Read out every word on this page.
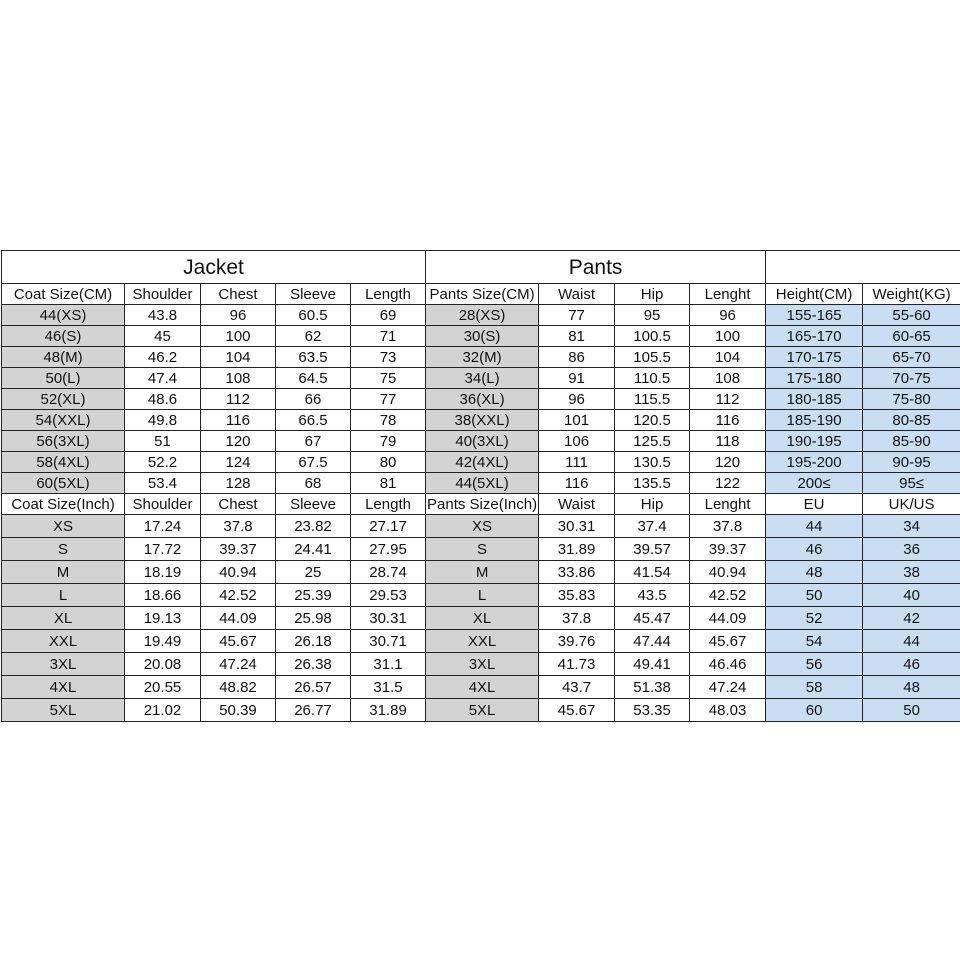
Jacket					Pants					
Coat Size(CM)	Shoulder	Chest	Sleeve	Length	Pants Size(CM)	Waist	Hip	Lenght	Height(CM)	Weight(KG)
44(XS)	43.8	96	60.5	69	28(XS)	77	95	96	155-165	55-60
46(S)	45	100	62	71	30(S)	81	100.5	100	165-170	60-65
48(M)	46.2	104	63.5	73	32(M)	86	105.5	104	170-175	65-70
50(L)	47.4	108	64.5	75	34(L)	91	110.5	108	175-180	70-75
52(XL)	48.6	112	66	77	36(XL)	96	115.5	112	180-185	75-80
54(XXL)	49.8	116	66.5	78	38(XXL)	101	120.5	116	185-190	80-85
56(3XL)	51	120	67	79	40(3XL)	106	125.5	118	190-195	85-90
58(4XL)	52.2	124	67.5	80	42(4XL)	111	130.5	120	195-200	90-95
60(5XL)	53.4	128	68	81	44(5XL)	116	135.5	122	200≤	95≤
Coat Size(Inch)	Shoulder	Chest	Sleeve	Length	Pants Size(Inch)	Waist	Hip	Lenght	EU	UK/US
XS	17.24	37.8	23.82	27.17	XS	30.31	37.4	37.8	44	34
S	17.72	39.37	24.41	27.95	S	31.89	39.57	39.37	46	36
M	18.19	40.94	25	28.74	M	33.86	41.54	40.94	48	38
L	18.66	42.52	25.39	29.53	L	35.83	43.5	42.52	50	40
XL	19.13	44.09	25.98	30.31	XL	37.8	45.47	44.09	52	42
XXL	19.49	45.67	26.18	30.71	XXL	39.76	47.44	45.67	54	44
3XL	20.08	47.24	26.38	31.1	3XL	41.73	49.41	46.46	56	46
4XL	20.55	48.82	26.57	31.5	4XL	43.7	51.38	47.24	58	48
5XL	21.02	50.39	26.77	31.89	5XL	45.67	53.35	48.03	60	50
